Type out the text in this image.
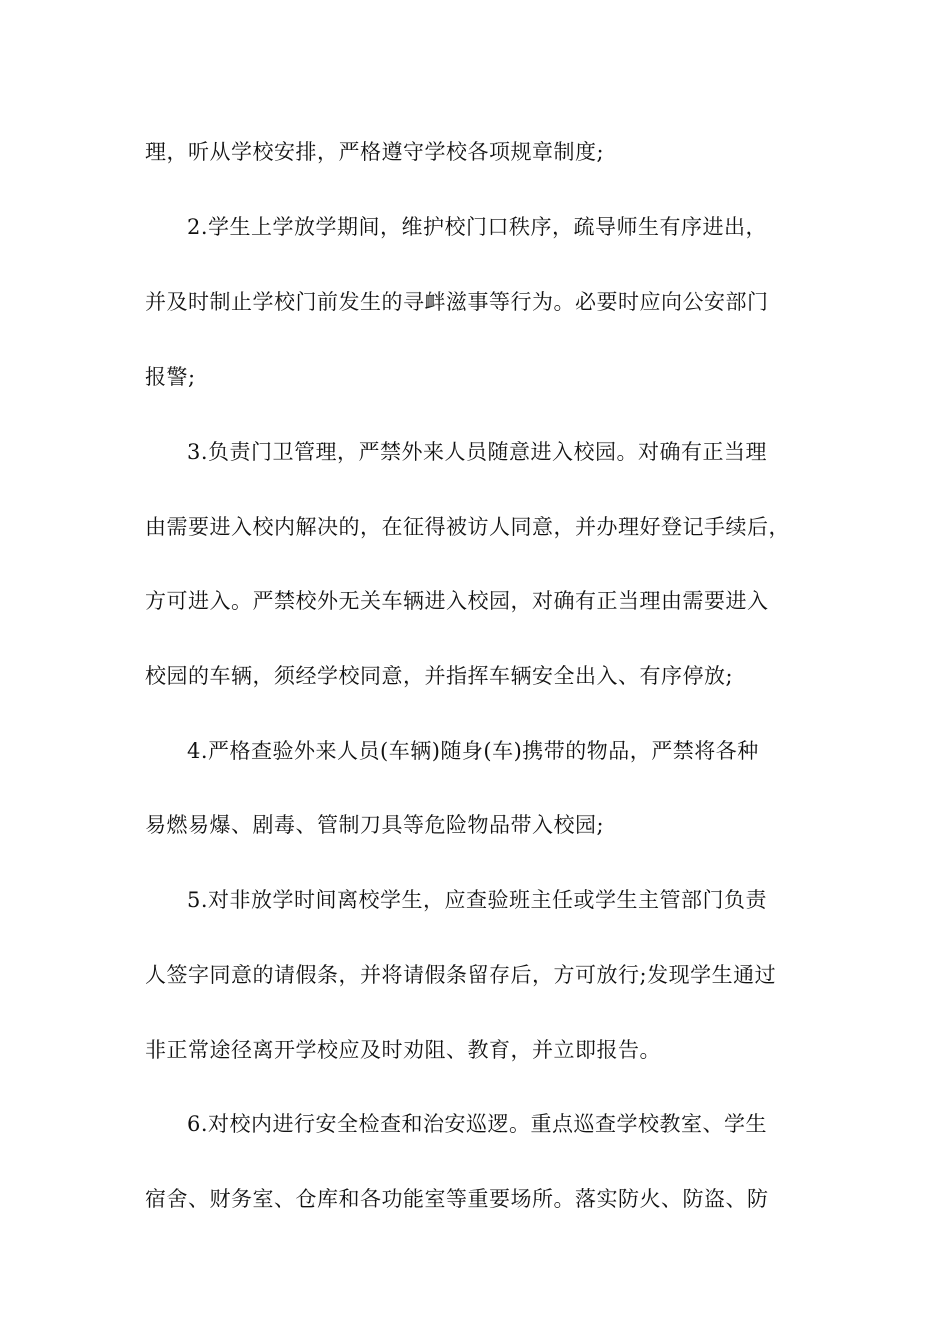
理，听从学校安排，严格遵守学校各项规章制度;
2.学生上学放学期间，维护校门口秩序，疏导师生有序进出，
并及时制止学校门前发生的寻衅滋事等行为。必要时应向公安部门
报警;
3.负责门卫管理，严禁外来人员随意进入校园。对确有正当理
由需要进入校内解决的，在征得被访人同意，并办理好登记手续后，
方可进入。严禁校外无关车辆进入校园，对确有正当理由需要进入
校园的车辆，须经学校同意，并指挥车辆安全出入、有序停放;
4.严格查验外来人员(车辆)随身(车)携带的物品，严禁将各种
易燃易爆、剧毒、管制刀具等危险物品带入校园;
5.对非放学时间离校学生，应查验班主任或学生主管部门负责
人签字同意的请假条，并将请假条留存后，方可放行;发现学生通过
非正常途径离开学校应及时劝阻、教育，并立即报告。
6.对校内进行安全检查和治安巡逻。重点巡查学校教室、学生
宿舍、财务室、仓库和各功能室等重要场所。落实防火、防盗、防
